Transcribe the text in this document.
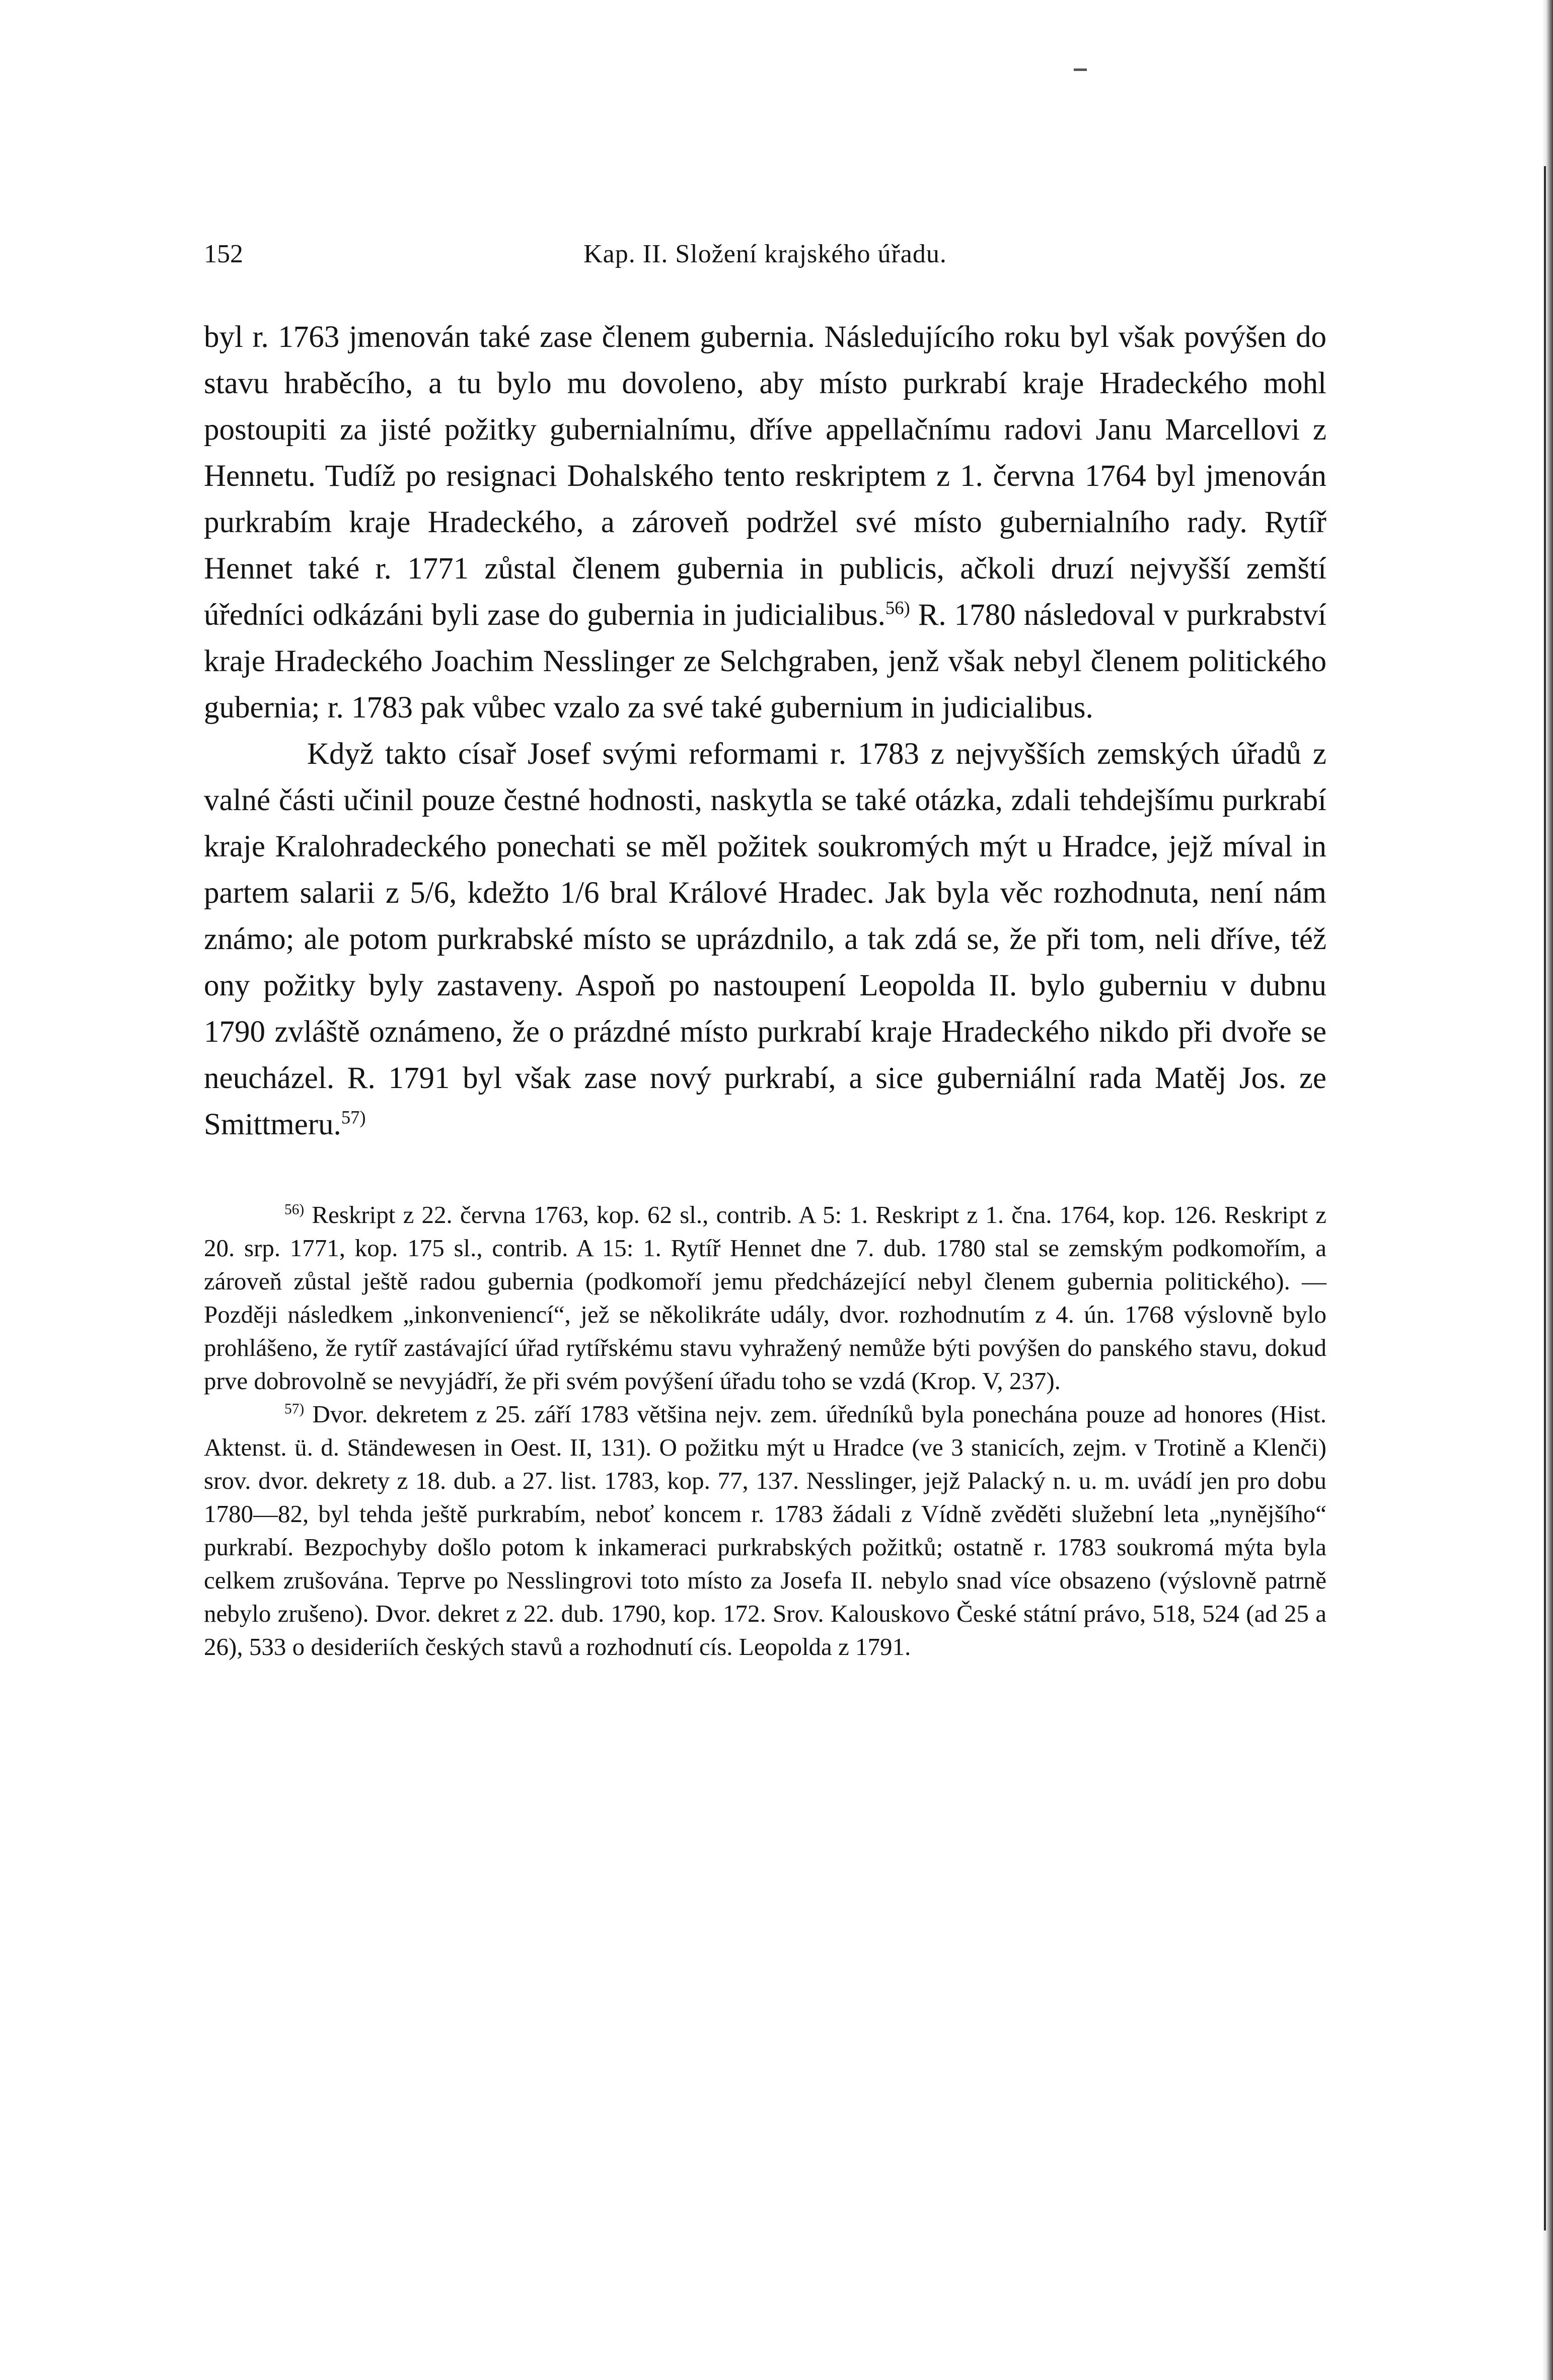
152	Kap. II. Složení krajského úřadu.

byl r. 1763 jmenován také zase členem gubernia. Následujícího roku byl však povýšen do stavu hraběcího, a tu bylo mu dovoleno, aby místo purkrabí kraje Hradeckého mohl postoupiti za jisté požitky gubernialnímu, dříve appellačnímu radovi Janu Marcellovi z Hennetu. Tudíž po resignaci Dohalského tento reskriptem z 1. června 1764 byl jmenován purkrabím kraje Hradeckého, a zároveň podržel své místo gubernialního rady. Rytíř Hennet také r. 1771 zůstal členem gubernia in publicis, ačkoli druzí nejvyšší zemští úředníci odkázáni byli zase do gubernia in judicialibus.$^{56)}$ R. 1780 následoval v purkrabství kraje Hradeckého Joachim Nesslinger ze Selchgraben, jenž však nebyl členem politického gubernia; r. 1783 pak vůbec vzalo za své také gubernium in judicialibus.

Když takto císař Josef svými reformami r. 1783 z nejvyšších zemských úřadů z valné části učinil pouze čestné hodnosti, naskytla se také otázka, zdali tehdejšímu purkrabí kraje Kralohradeckého ponechati se měl požitek soukromých mýt u Hradce, jejž míval in partem salarii z 5/6, kdežto 1/6 bral Králové Hradec. Jak byla věc rozhodnuta, není nám známo; ale potom purkrabské místo se uprázdnilo, a tak zdá se, že při tom, neli dříve, též ony požitky byly zastaveny. Aspoň po nastoupení Leopolda II. bylo guberniu v dubnu 1790 zvláště oznámeno, že o prázdné místo purkrabí kraje Hradeckého nikdo při dvoře se neucházel. R. 1791 byl však zase nový purkrabí, a sice guberniální rada Matěj Jos. ze Smittmeru.$^{57)}$

$^{56)}$ Reskript z 22. června 1763, kop. 62 sl., contrib. A 5: 1. Reskript z 1. čna. 1764, kop. 126. Reskript z 20. srp. 1771, kop. 175 sl., contrib. A 15: 1. Rytíř Hennet dne 7. dub. 1780 stal se zemským podkomořím, a zároveň zůstal ještě radou gubernia (podkomoří jemu předcházející nebyl členem gubernia politického). — Později následkem „inkonveniencí“, jež se několikráte udály, dvor. rozhodnutím z 4. ún. 1768 výslovně bylo prohlášeno, že rytíř zastávající úřad rytířskému stavu vyhražený nemůže býti povýšen do panského stavu, dokud prve dobrovolně se nevyjádří, že při svém povýšení úřadu toho se vzdá (Krop. V, 237).

$^{57)}$ Dvor. dekretem z 25. září 1783 většina nejv. zem. úředníků byla ponechána pouze ad honores (Hist. Aktenst. ü. d. Ständewesen in Oest. II, 131). O požitku mýt u Hradce (ve 3 stanicích, zejm. v Trotině a Klenči) srov. dvor. dekrety z 18. dub. a 27. list. 1783, kop. 77, 137. Nesslinger, jejž Palacký n. u. m. uvádí jen pro dobu 1780—82, byl tehda ještě purkrabím, neboť koncem r. 1783 žádali z Vídně zvěděti služební leta „nynějšího“ purkrabí. Bezpochyby došlo potom k inkameraci purkrabských požitků; ostatně r. 1783 soukromá mýta byla celkem zrušována. Teprve po Nesslingrovi toto místo za Josefa II. nebylo snad více obsazeno (výslovně patrně nebylo zrušeno). Dvor. dekret z 22. dub. 1790, kop. 172. Srov. Kalouskovo České státní právo, 518, 524 (ad 25 a 26), 533 o desideriích českých stavů a rozhodnutí cís. Leopolda z 1791.
